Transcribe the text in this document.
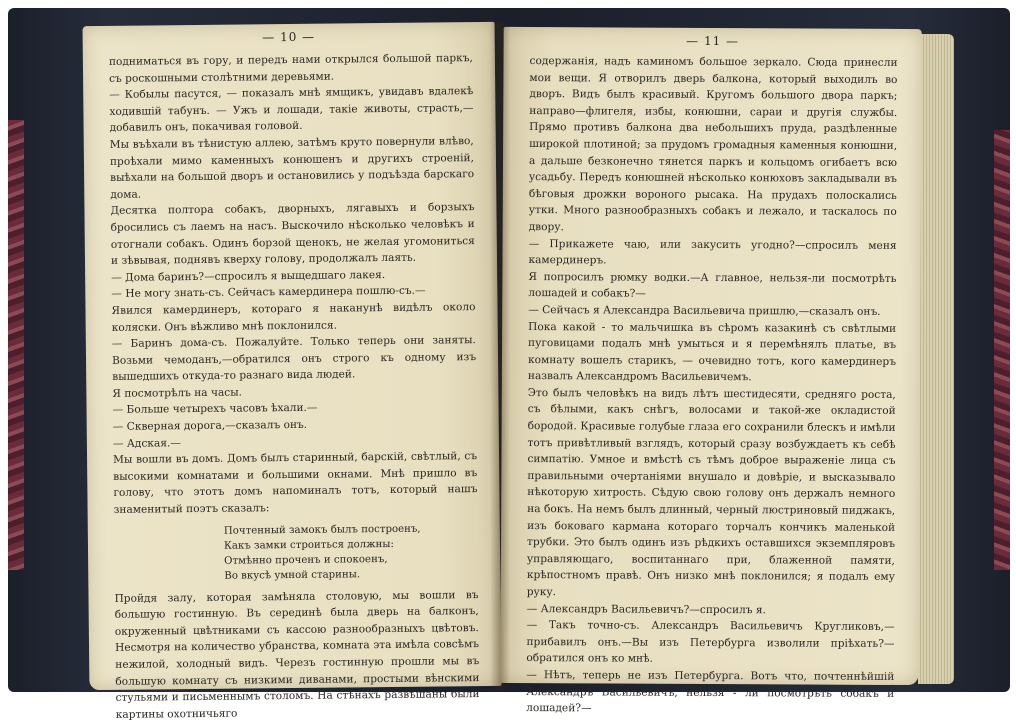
— 10 —

подниматься въ гору, и передъ нами открылся большой паркъ, съ роскошными столѣтними деревьями.

— Кобылы пасутся, — показалъ мнѣ ямщикъ, увидавъ вдалекѣ ходившій табунъ. — Ужъ и лошади, такіе животы, страсть,— добавилъ онъ, покачивая головой.

Мы въѣхали въ тѣнистую аллею, затѣмъ круто повернули влѣво, проѣхали мимо каменныхъ конюшенъ и другихъ строеній, выѣхали на большой дворъ и остановились у подъѣзда барскаго дома.

Десятка полтора собакъ, дворныхъ, лягавыхъ и борзыхъ бросились съ лаемъ на насъ. Выскочило нѣсколько человѣкъ и отогнали собакъ. Одинъ борзой щенокъ, не желая угомониться и зѣвывая, поднявъ кверху голову, продолжалъ лаять.

— Дома баринъ?—спросилъ я выщедшаго лакея.

— Не могу знать-съ. Сейчасъ камердинера пошлю-съ.—

Явился камердинеръ, котораго я наканунѣ видѣлъ около коляски. Онъ вѣжливо мнѣ поклонился.

— Баринъ дома-съ. Пожалуйте. Только теперь они заняты. Возьми чемоданъ,—обратился онъ строго къ одному изъ вышедшихъ откуда-то разнаго вида людей.

Я посмотрѣлъ на часы.

— Больше четырехъ часовъ ѣхали.—

— Скверная дорога,—сказалъ онъ.

— Адская.—

Мы вошли въ домъ. Домъ былъ старинный, барскій, свѣтлый, съ высокими комнатами и большими окнами. Мнѣ пришло въ голову, что этотъ домъ напоминалъ тотъ, который нашъ знаменитый поэтъ сказалъ:

Почтенный замокъ былъ построенъ,
Какъ замки строиться должны:
Отмѣнно проченъ и спокоенъ,
Во вкусѣ умной старины.

Пройдя залу, которая замѣняла столовую, мы вошли въ большую гостинную. Въ серединѣ была дверь на балконъ, окруженный цвѣтниками съ кассою разнообразныхъ цвѣтовъ. Несмотря на количество убранства, комната эта имѣла совсѣмъ нежилой, холодный видъ. Черезъ гостинную прошли мы въ большую комнату съ низкими диванами, простыми вѣнскими стульями и письменнымъ столомъ. На стѣнахъ развѣшаны были картины охотничьяго

— 11 —

содержанія, надъ каминомъ большое зеркало. Сюда принесли мои вещи. Я отворилъ дверь балкона, который выходилъ во дворъ. Видъ былъ красивый. Кругомъ большого двора паркъ; направо—флигеля, избы, конюшни, сараи и другія службы. Прямо противъ балкона два небольшихъ пруда, раздѣленные широкой плотиной; за прудомъ громадныя каменныя конюшни, а дальше безконечно тянется паркъ и кольцомъ огибаетъ всю усадьбу. Передъ конюшней нѣсколько конюховъ закладывали въ бѣговыя дрожки вороного рысака. На прудахъ полоскались утки. Много разнообразныхъ собакъ и лежало, и таскалось по двору.

— Прикажете чаю, или закусить угодно?—спросилъ меня камердинеръ.

Я попросилъ рюмку водки.—А главное, нельзя-ли посмотрѣть лошадей и собакъ?—

— Сейчасъ я Александра Васильевича пришлю,—сказалъ онъ.

Пока какой - то мальчишка въ сѣромъ казакинѣ съ свѣтлыми пуговицами подалъ мнѣ умыться и я перемѣнялъ платье, въ комнату вошелъ старикъ, — очевидно тотъ, кого камердинеръ назвалъ Александромъ Васильевичемъ.

Это былъ человѣкъ на видъ лѣтъ шестидесяти, средняго роста, съ бѣлыми, какъ снѣгъ, волосами и такой-же окладистой бородой. Красивые голубые глаза его сохранили блескъ и имѣли тотъ привѣтливый взглядъ, который сразу возбуждаетъ къ себѣ симпатію. Умное и вмѣстѣ съ тѣмъ доброе выраженіе лица съ правильными очертаніями внушало и довѣріе, и высказывало нѣкоторую хитрость. Сѣдую свою голову онъ держалъ немного на бокъ. На немъ былъ длинный, черный люстриновый пиджакъ, изъ боковаго кармана котораго торчалъ кончикъ маленькой трубки. Это былъ одинъ изъ рѣдкихъ оставшихся экземпляровъ управляющаго, воспитаннаго при, блаженной памяти, крѣпостномъ правѣ. Онъ низко мнѣ поклонился; я подалъ ему руку.

— Александръ Васильевичъ?—спросилъ я.

— Такъ точно-съ. Александръ Васильевичъ Кругликовъ,—прибавилъ онъ.—Вы изъ Петербурга изволили пріѣхать?—обратился онъ ко мнѣ.

— Нѣтъ, теперь не изъ Петербурга. Вотъ что, почтеннѣйшій Александръ Васильевичъ, нельзя - ли посмотрѣть собакъ и лошадей?—
